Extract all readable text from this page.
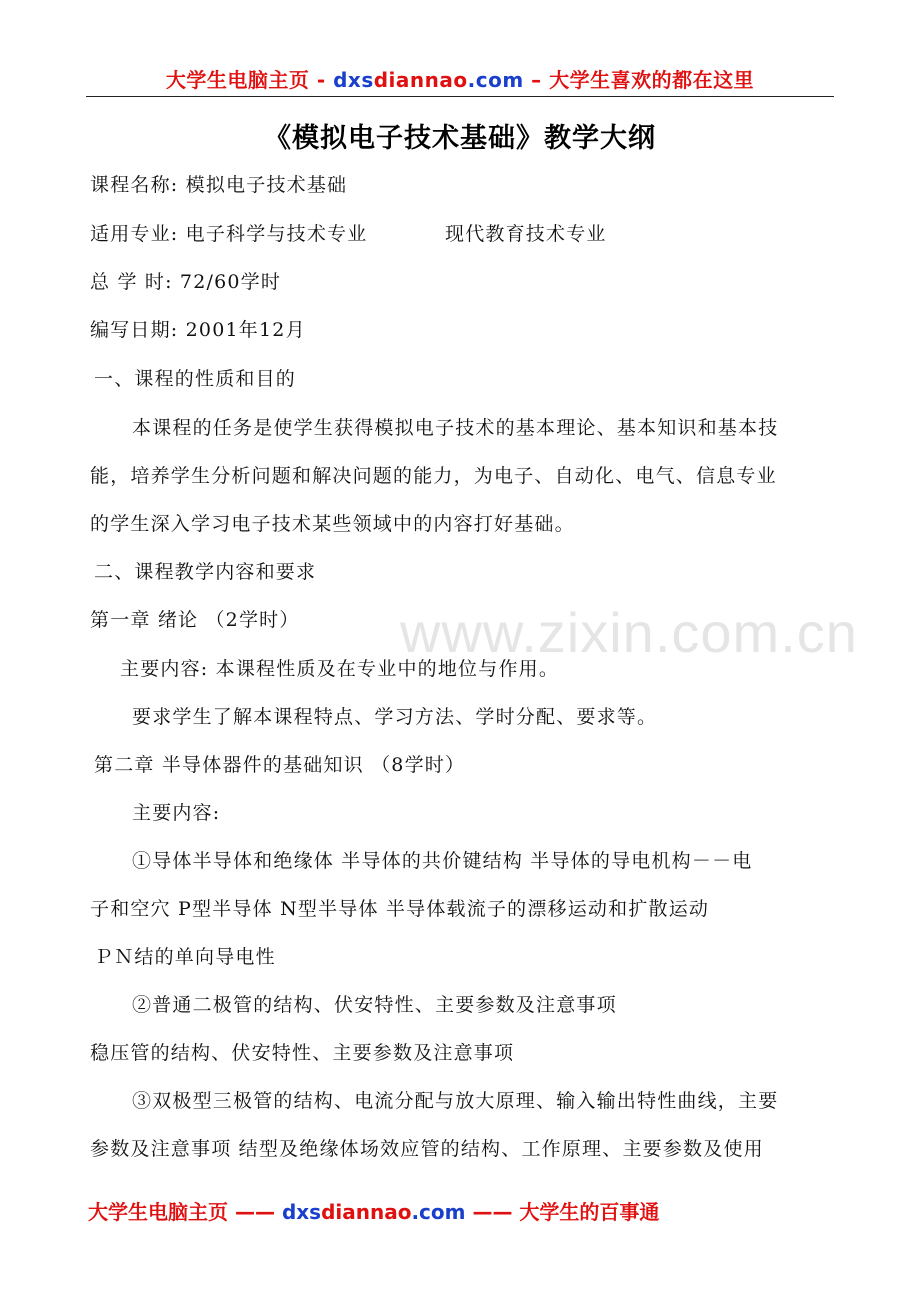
大学生电脑主页 - dxsdiannao.com – 大学生喜欢的都在这里
《模拟电子技术基础》教学大纲
www.zixin.com.cn
课程名称: 模拟电子技术基础
适用专业: 电子科学与技术专业	现代教育技术专业
总 学 时: 72/60学时
编写日期: 2001年12月
一、课程的性质和目的
本课程的任务是使学生获得模拟电子技术的基本理论、基本知识和基本技
能，培养学生分析问题和解决问题的能力，为电子、自动化、电气、信息专业
的学生深入学习电子技术某些领域中的内容打好基础。
二、课程教学内容和要求
第一章 绪论 （2学时）
主要内容: 本课程性质及在专业中的地位与作用。
要求学生了解本课程特点、学习方法、学时分配、要求等。
第二章 半导体器件的基础知识 （8学时）
主要内容:
①导体半导体和绝缘体 半导体的共价键结构 半导体的导电机构－－电
子和空穴 P型半导体 N型半导体 半导体载流子的漂移运动和扩散运动
ＰＮ结的单向导电性
②普通二极管的结构、伏安特性、主要参数及注意事项
稳压管的结构、伏安特性、主要参数及注意事项
③双极型三极管的结构、电流分配与放大原理、输入输出特性曲线，主要
参数及注意事项 结型及绝缘体场效应管的结构、工作原理、主要参数及使用
大学生电脑主页 —— dxsdiannao.com —— 大学生的百事通
